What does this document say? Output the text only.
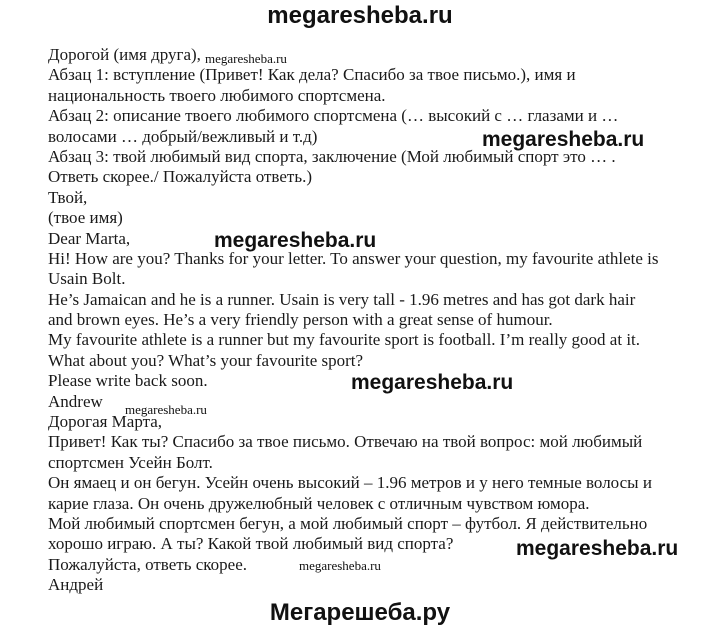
megaresheba.ru
Дорогой (имя друга),
Абзац 1: вступление (Привет! Как дела? Спасибо за твое письмо.), имя и
национальность твоего любимого спортсмена.
Абзац 2: описание твоего любимого спортсмена (… высокий с … глазами и …
волосами … добрый/вежливый и т.д)
Абзац 3: твой любимый вид спорта, заключение (Мой любимый спорт это … .
Ответь скорее./ Пожалуйста ответь.)
Твой,
(твое имя)
Dear Marta,
Hi! How are you? Thanks for your letter. To answer your question, my favourite athlete is
Usain Bolt.
He’s Jamaican and he is a runner. Usain is very tall - 1.96 metres and has got dark hair
and brown eyes. He’s a very friendly person with a great sense of humour.
My favourite athlete is a runner but my favourite sport is football. I’m really good at it.
What about you? What’s your favourite sport?
Please write back soon.
Andrew
Дорогая Марта,
Привет! Как ты? Спасибо за твое письмо. Отвечаю на твой вопрос: мой любимый
спортсмен Усейн Болт.
Он ямаец и он бегун. Усейн очень высокий – 1.96 метров и у него темные волосы и
карие глаза. Он очень дружелюбный человек с отличным чувством юмора.
Мой любимый спортсмен бегун, а мой любимый спорт – футбол. Я действительно
хорошо играю. А ты? Какой твой любимый вид спорта?
Пожалуйста, ответь скорее.
Андрей
megaresheba.ru
megaresheba.ru
megaresheba.ru
megaresheba.ru
megaresheba.ru
megaresheba.ru
megaresheba.ru
Мегарешеба.ру
